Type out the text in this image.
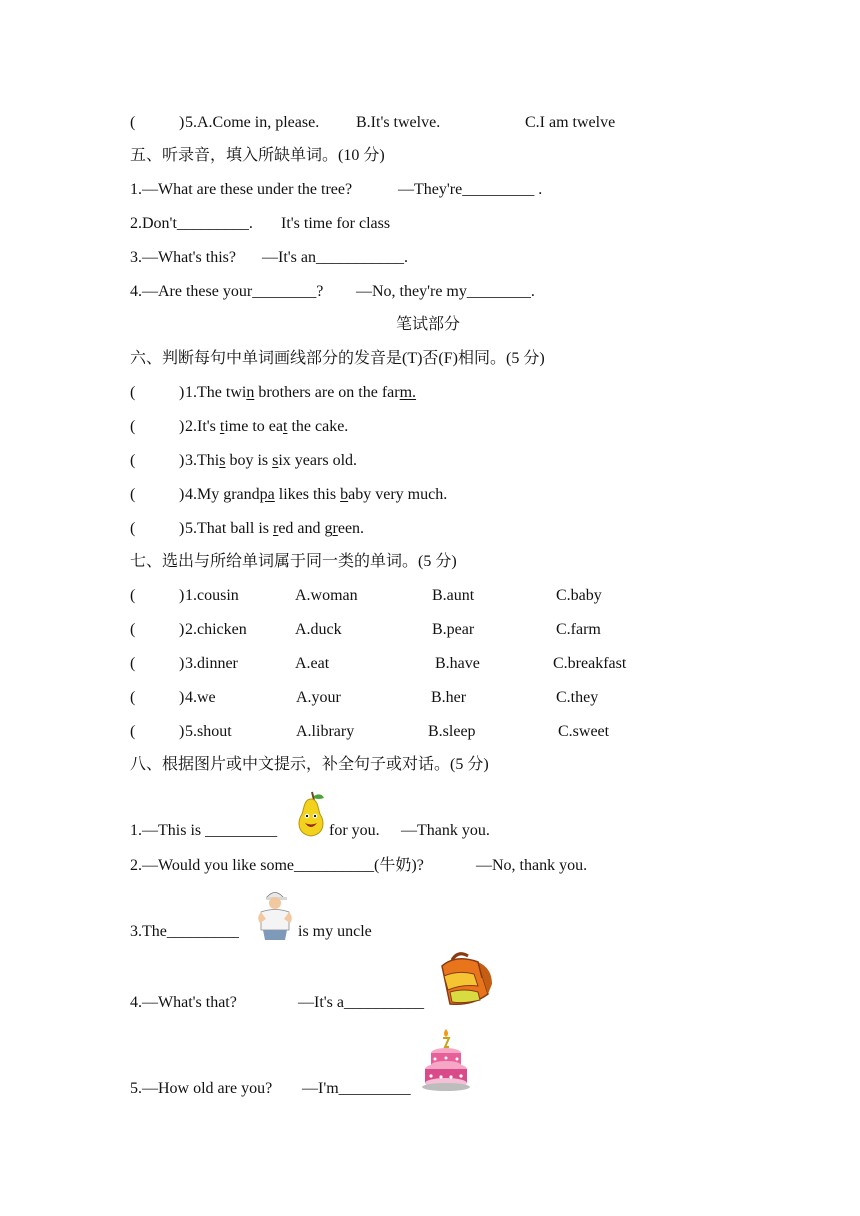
(	) 5.A.Come in, please. B.It's twelve.	C.I am twelve
五、听录音，填入所缺单词。(10 分)
1.—What are these under the tree?	—They're_________ .
2.Don't_________. It's time for class
3.—What's this? —It's an___________.
4.—Are these your________? —No, they're my________.
笔试部分
六、判断每句中单词画线部分的发音是(T)否(F)相同。(5 分)
(	) 1.The twin brothers are on the farm.
(	) 2.It's time to eat the cake.
(	) 3.This boy is six years old.
(	) 4.My grandpa likes this baby very much.
(	) 5.That ball is red and green.
七、选出与所给单词属于同一类的单词。(5 分)
(	) 1.cousin	A.woman	B.aunt	C.baby
(	) 2.chicken	A.duck	B.pear	C.farm
(	) 3.dinner	A.eat	B.have	C.breakfast
(	) 4.we	A.your	B.her	C.they
(	) 5.shout	A.library	B.sleep	C.sweet
八、根据图片或中文提示，补全句子或对话。(5 分)
1.—This is _________	for you. —Thank you.
2.—Would you like some__________(牛奶)?	—No, thank you.
3.The_________	is my uncle
4.—What's that?	—It's a__________
5.—How old are you? —I'm_________
